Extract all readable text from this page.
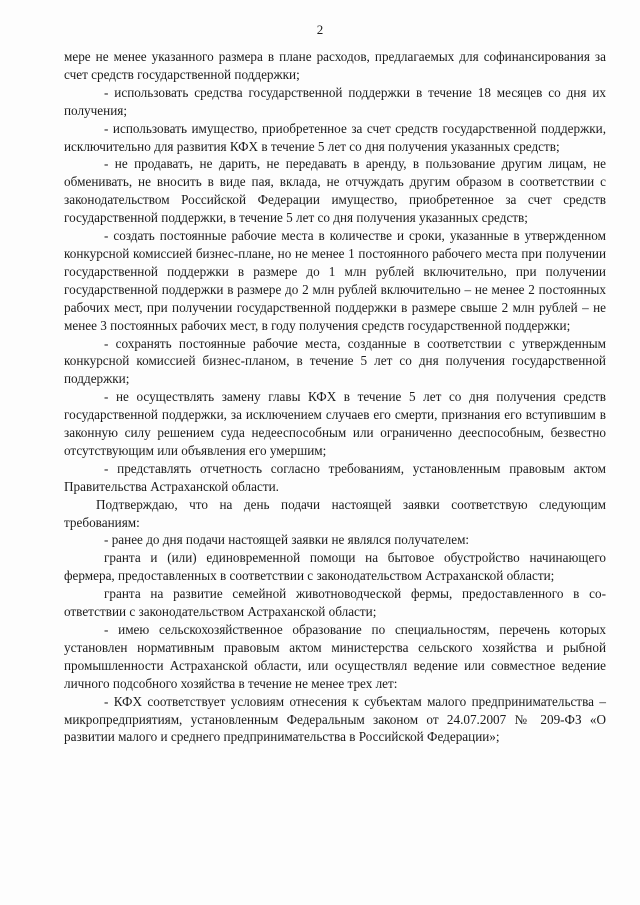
2

мере не менее указанного размера в плане расходов, предлагаемых для софинансирования за счет средств государственной поддержки;

- использовать средства государственной поддержки в течение 18 месяцев со дня их получения;

- использовать имущество, приобретенное за счет средств государственной поддержки, исключительно для развития КФХ в течение 5 лет со дня получения указанных средств;

- не продавать, не дарить, не передавать в аренду, в пользование другим лицам, не обменивать, не вносить в виде пая, вклада, не отчуждать другим образом в соответствии с законодательством Российской Федерации имущество, приобретенное за счет средств государственной поддержки, в течение 5 лет со дня получения указанных средств;

- создать постоянные рабочие места в количестве и сроки, указанные в утвержденном конкурсной комиссией бизнес-плане, но не менее 1 постоянного рабочего места при получении государственной поддержки в размере до 1 млн рублей включительно, при получении государственной поддержки в размере до 2 млн рублей включительно – не менее 2 постоянных рабочих мест, при получении государственной поддержки в размере свыше 2 млн рублей – не менее 3 постоянных рабочих мест, в году получения средств государственной поддержки;

- сохранять постоянные рабочие места, созданные в соответствии с утвержденным конкурсной комиссией бизнес-планом, в течение 5 лет со дня получения государственной поддержки;

- не осуществлять замену главы КФХ в течение 5 лет со дня получения средств государственной поддержки, за исключением случаев его смерти, признания его вступившим в законную силу решением суда недееспособным или ограниченно дееспособным, безвестно отсутствующим или объявления его умершим;

- представлять отчетность согласно требованиям, установленным правовым актом Правительства Астраханской области.

Подтверждаю, что на день подачи настоящей заявки соответствую следующим требованиям:

- ранее до дня подачи настоящей заявки не являлся получателем:

гранта и (или) единовременной помощи на бытовое обустройство начинающего фермера, предоставленных в соответствии с законодательством Астраханской области;

гранта на развитие семейной животноводческой фермы, предоставленного в соответствии с законодательством Астраханской области;

- имею сельскохозяйственное образование по специальностям, перечень которых установлен нормативным правовым актом министерства сельского хозяйства и рыбной промышленности Астраханской области, или осуществлял ведение или совместное ведение личного подсобного хозяйства в течение не менее трех лет:

- КФХ соответствует условиям отнесения к субъектам малого предпринимательства – микропредприятиям, установленным Федеральным законом от 24.07.2007 № 209-ФЗ «О развитии малого и среднего предпринимательства в Российской Федерации»;
